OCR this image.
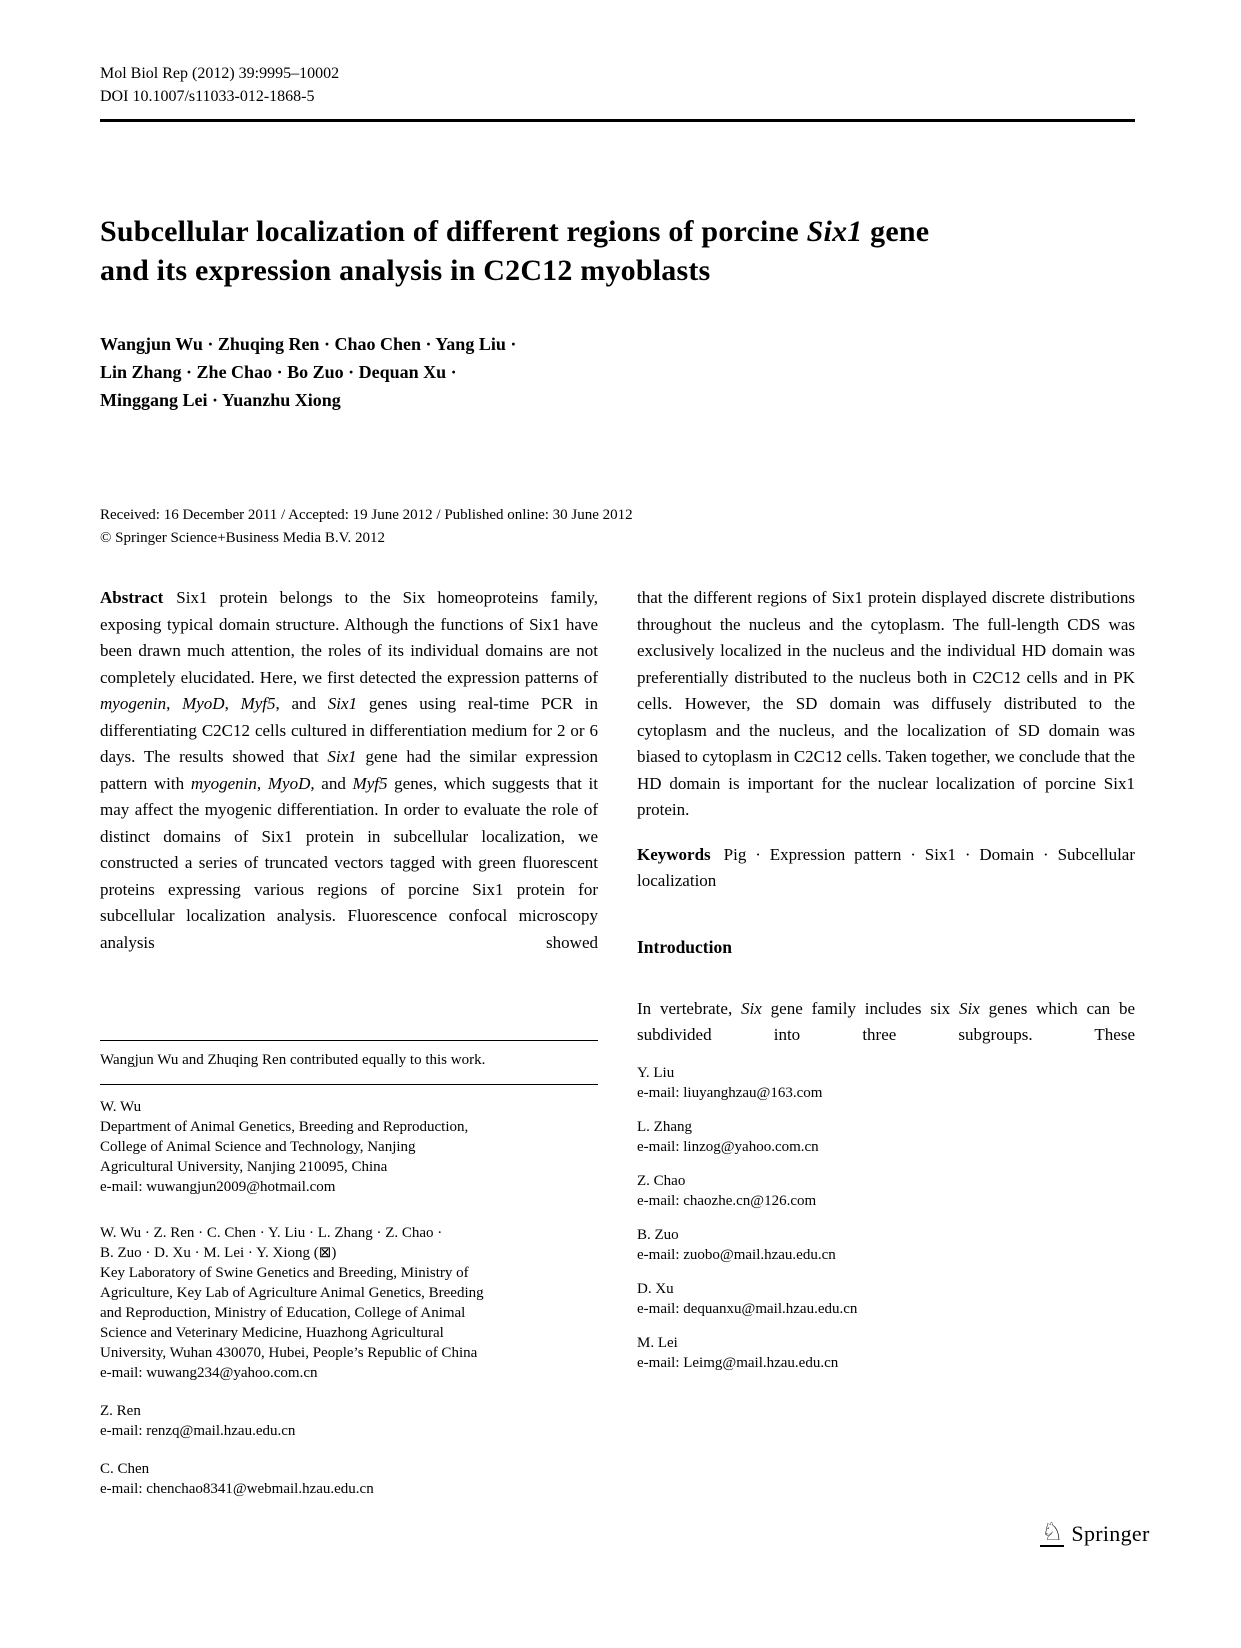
Mol Biol Rep (2012) 39:9995–10002
DOI 10.1007/s11033-012-1868-5
Subcellular localization of different regions of porcine Six1 gene
and its expression analysis in C2C12 myoblasts
Wangjun Wu · Zhuqing Ren · Chao Chen · Yang Liu ·
Lin Zhang · Zhe Chao · Bo Zuo · Dequan Xu ·
Minggang Lei · Yuanzhu Xiong
Received: 16 December 2011 / Accepted: 19 June 2012 / Published online: 30 June 2012
© Springer Science+Business Media B.V. 2012

Abstract Six1 protein belongs to the Six homeoproteins family, exposing typical domain structure. Although the functions of Six1 have been drawn much attention, the roles of its individual domains are not completely elucidated. Here, we first detected the expression patterns of myogenin, MyoD, Myf5, and Six1 genes using real-time PCR in differentiating C2C12 cells cultured in differentiation medium for 2 or 6 days. The results showed that Six1 gene had the similar expression pattern with myogenin, MyoD, and Myf5 genes, which suggests that it may affect the myogenic differentiation. In order to evaluate the role of distinct domains of Six1 protein in subcellular localization, we constructed a series of truncated vectors tagged with green fluorescent proteins expressing various regions of porcine Six1 protein for subcellular localization analysis. Fluorescence confocal microscopy analysis showed

that the different regions of Six1 protein displayed discrete distributions throughout the nucleus and the cytoplasm. The full-length CDS was exclusively localized in the nucleus and the individual HD domain was preferentially distributed to the nucleus both in C2C12 cells and in PK cells. However, the SD domain was diffusely distributed to the cytoplasm and the nucleus, and the localization of SD domain was biased to cytoplasm in C2C12 cells. Taken together, we conclude that the HD domain is important for the nuclear localization of porcine Six1 protein.

Keywords Pig · Expression pattern · Six1 · Domain · Subcellular localization

Introduction

In vertebrate, Six gene family includes six Six genes which can be subdivided into three subgroups. These

Y. Liu
e-mail: liuyanghzau@163.com
L. Zhang
e-mail: linzog@yahoo.com.cn
Z. Chao
e-mail: chaozhe.cn@126.com
B. Zuo
e-mail: zuobo@mail.hzau.edu.cn
D. Xu
e-mail: dequanxu@mail.hzau.edu.cn
M. Lei
e-mail: Leimg@mail.hzau.edu.cn
Wangjun Wu and Zhuqing Ren contributed equally to this work.
W. Wu
Department of Animal Genetics, Breeding and Reproduction,
College of Animal Science and Technology, Nanjing
Agricultural University, Nanjing 210095, China
e-mail: wuwangjun2009@hotmail.com
W. Wu · Z. Ren · C. Chen · Y. Liu · L. Zhang · Z. Chao ·
B. Zuo · D. Xu · M. Lei · Y. Xiong (⊠)
Key Laboratory of Swine Genetics and Breeding, Ministry of
Agriculture, Key Lab of Agriculture Animal Genetics, Breeding
and Reproduction, Ministry of Education, College of Animal
Science and Veterinary Medicine, Huazhong Agricultural
University, Wuhan 430070, Hubei, People’s Republic of China
e-mail: wuwang234@yahoo.com.cn
Z. Ren
e-mail: renzq@mail.hzau.edu.cn
C. Chen
e-mail: chenchao8341@webmail.hzau.edu.cn
♘ Springer
